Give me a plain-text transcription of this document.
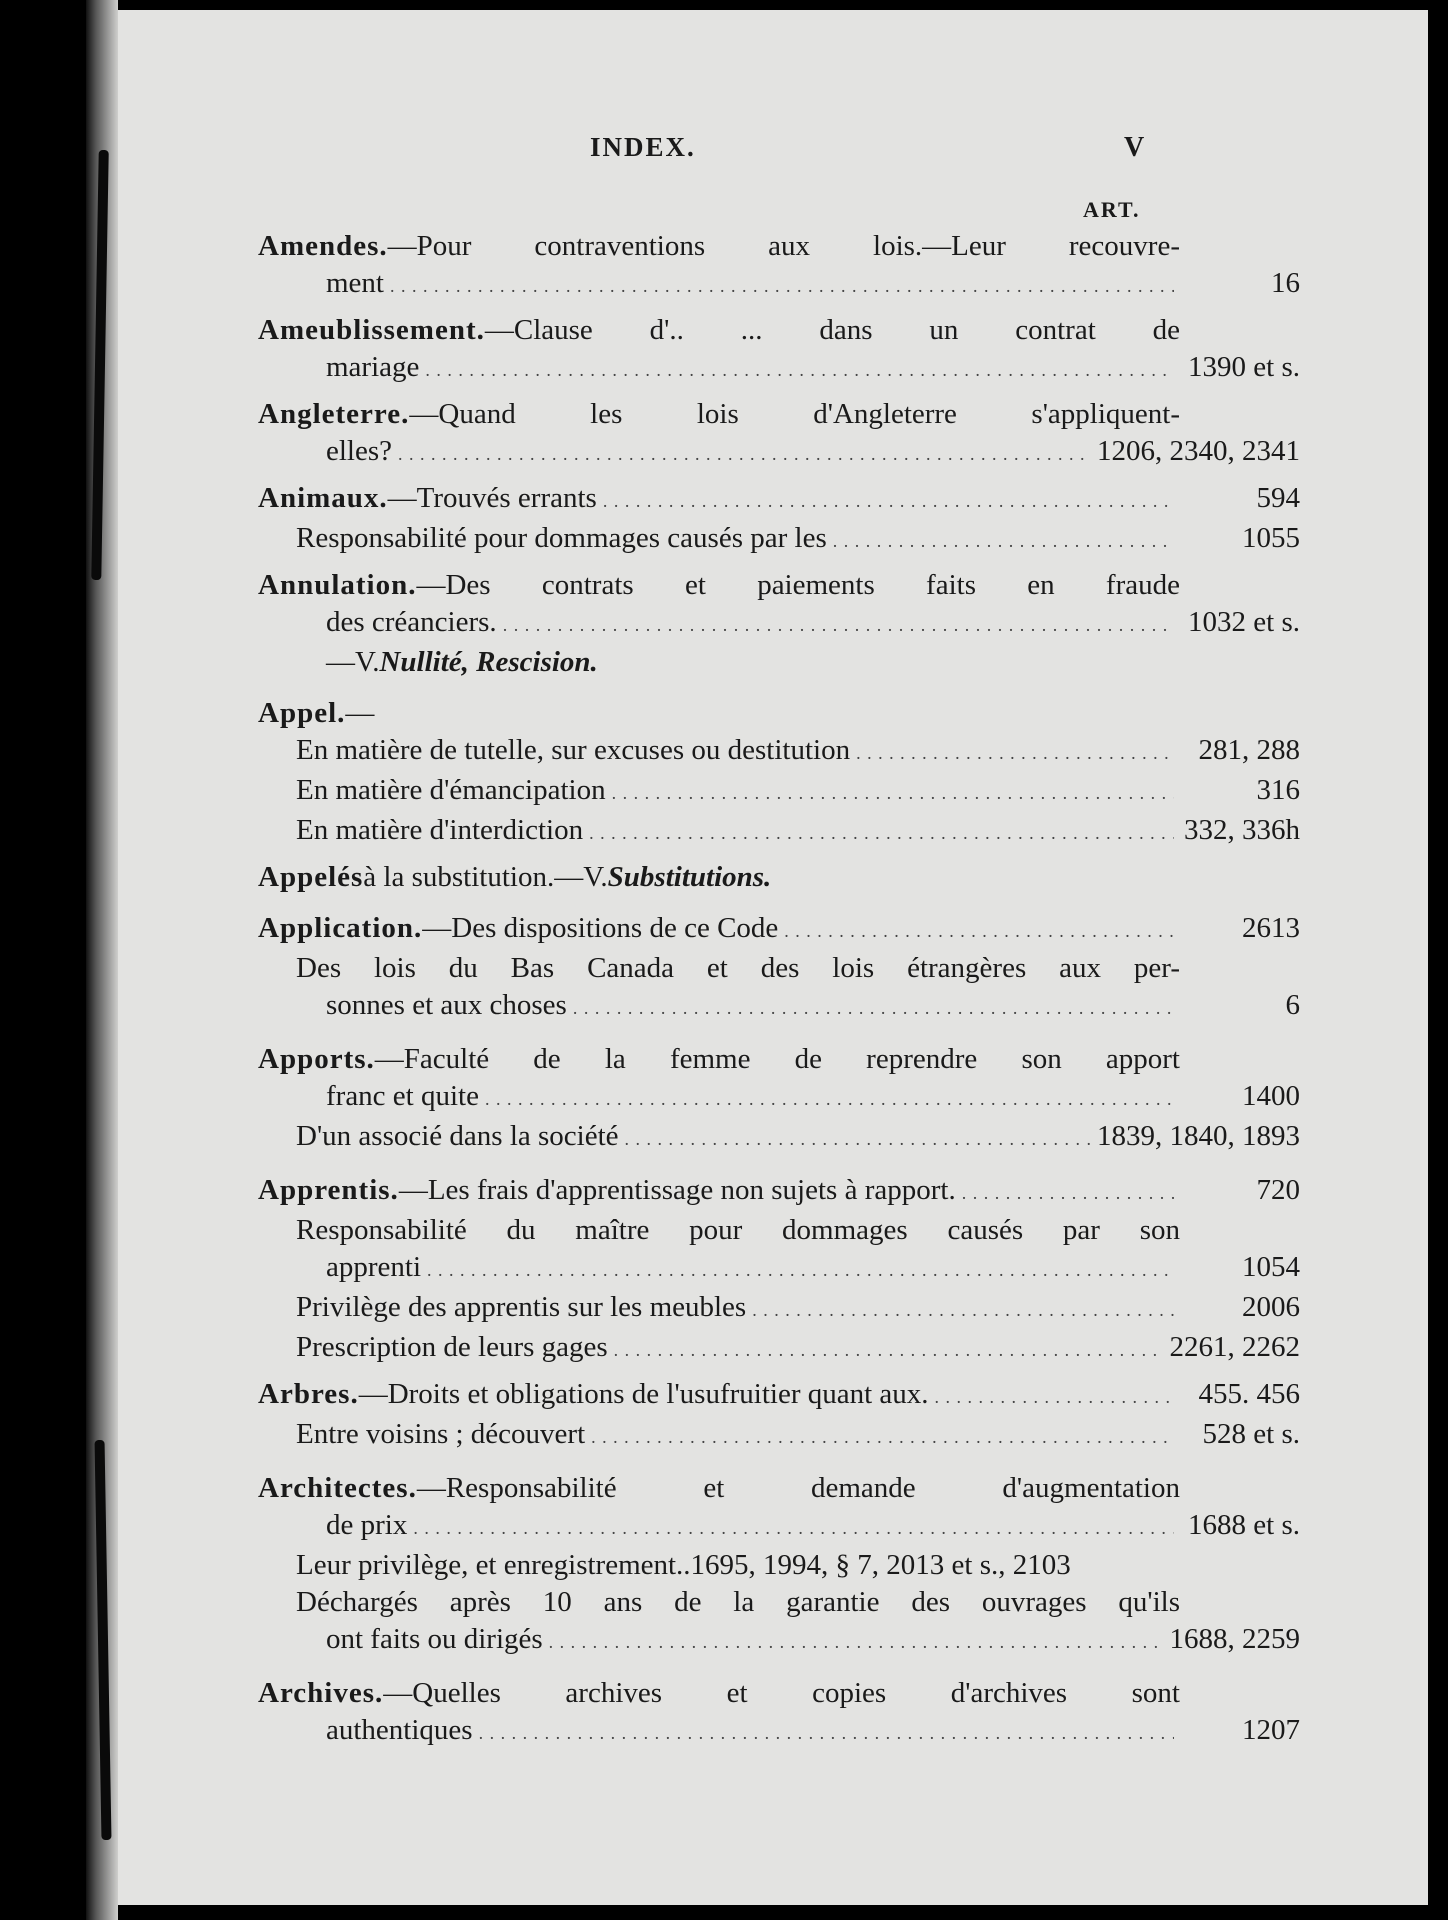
INDEX.	V
ART.
Amendes.—Pour contraventions aux lois.—Leur recouvre-
ment . . .	16
Ameublissement.—Clause d'.. ... dans un contrat de
mariage . . .	1390 et s.
Angleterre.—Quand les lois d'Angleterre s'appliquent-
elles? . . .	1206, 2340, 2341
Animaux. —Trouvés errants . . .	594
Responsabilité pour dommages causés par les . . .	1055
Annulation.—Des contrats et paiements faits en fraude
des créanciers. . . .	1032 et s.
—V. Nullité, Rescision.
Appel. —
En matière de tutelle, sur excuses ou destitution . . .	281, 288
En matière d'émancipation . . .	316
En matière d'interdiction . . .	332, 336h
Appelés à la substitution.—V. Substitutions.
Application. —Des dispositions de ce Code . . .	2613
Des lois du Bas Canada et des lois étrangères aux per-
sonnes et aux choses . . .	6
Apports.—Faculté de la femme de reprendre son apport
franc et quite . . .	1400
D'un associé dans la société . . .	1839, 1840, 1893
Apprentis. —Les frais d'apprentissage non sujets à rapport. . . .	720
Responsabilité du maître pour dommages causés par son
apprenti . . .	1054
Privilège des apprentis sur les meubles . . .	2006
Prescription de leurs gages . . .	2261, 2262
Arbres. —Droits et obligations de l'usufruitier quant aux. . . .	455. 456
Entre voisins ; découvert . . .	528 et s.
Architectes.—Responsabilité et demande d'augmentation
de prix . . .	1688 et s.
Leur privilège, et enregistrement..1695, 1994, § 7, 2013 et s., 2103
Déchargés après 10 ans de la garantie des ouvrages qu'ils
ont faits ou dirigés . . .	1688, 2259
Archives.—Quelles archives et copies d'archives sont
authentiques . . .	1207
